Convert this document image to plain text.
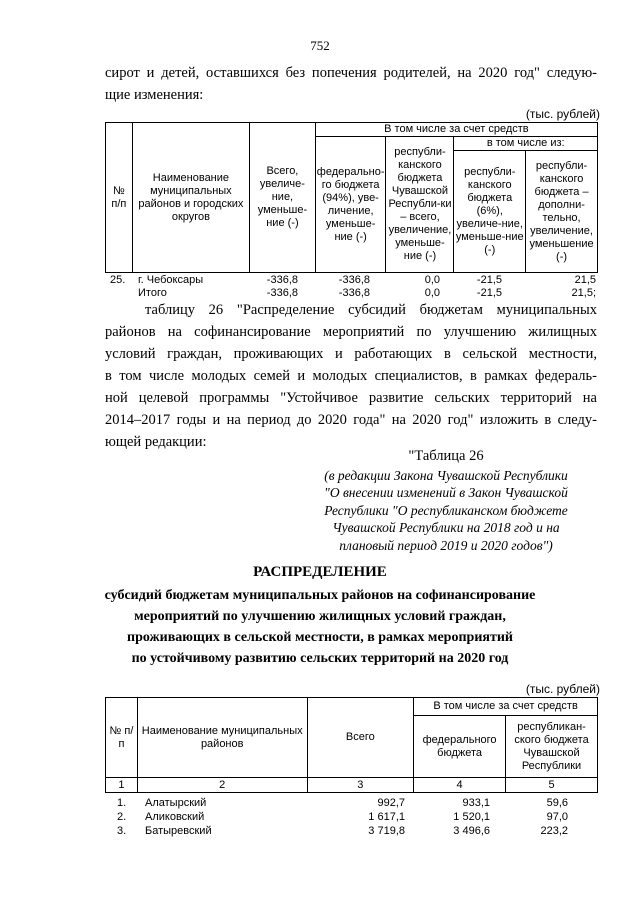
752
сирот и детей, оставшихся без попечения родителей, на 2020 год" следую-
щие изменения:
(тыс. рублей)
№ п/п	Наименование муниципальных районов и городских округов	Всего, увеличе-ние, уменьше-ние (-)	В том числе за счет средств			
			федерально-го бюджета (94%), уве-личение, уменьше-ние (-)	республи-канского бюджета Чувашской Республи-ки – всего, увеличение, уменьше-ние (-)	в том числе из:	
					республи-канского бюджета (6%), увеличе-ние, уменьше-ние (-)	республи-канского бюджета – дополни-тельно, увеличение, уменьшение (-)
25. г. Чебоксары	-336,8	-336,8	0,0	-21,5	21,5
Итого	-336,8	-336,8	0,0	-21,5	21,5;
таблицу 26 "Распределение субсидий бюджетам муниципальных
районов на софинансирование мероприятий по улучшению жилищных
условий граждан, проживающих и работающих в сельской местности,
в том числе молодых семей и молодых специалистов, в рамках федераль-
ной целевой программы "Устойчивое развитие сельских территорий на
2014–2017 годы и на период до 2020 года" на 2020 год" изложить в следу-
ющей редакции:
"Таблица 26
(в редакции Закона Чувашской Республики
"О внесении изменений в Закон Чувашской
Республики "О республиканском бюджете
Чувашской Республики на 2018 год и на
плановый период 2019 и 2020 годов")
РАСПРЕДЕЛЕНИЕ
субсидий бюджетам муниципальных районов на софинансирование
мероприятий по улучшению жилищных условий граждан,
проживающих в сельской местности, в рамках мероприятий
по устойчивому развитию сельских территорий на 2020 год
(тыс. рублей)
№ п/п	Наименование муниципальных районов	Всего	В том числе за счет средств	
			федерального бюджета	республикан-ского бюджета Чувашской Республики
1	2	3	4	5
1. Алатырский	992,7	933,1	59,6
2. Аликовский	1 617,1	1 520,1	97,0
3. Батыревский	3 719,8	3 496,6	223,2
